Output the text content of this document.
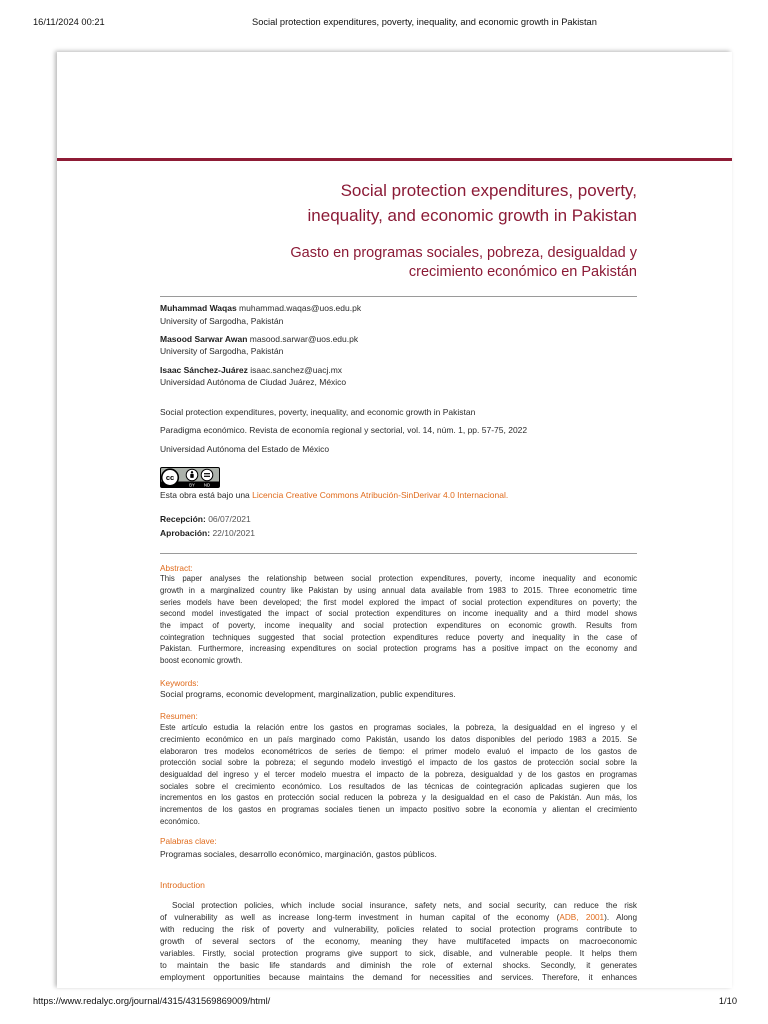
16/11/2024 00:21	Social protection expenditures, poverty, inequality, and economic growth in Pakistan
Social protection expenditures, poverty,
inequality, and economic growth in Pakistan
Gasto en programas sociales, pobreza, desigualdad y
crecimiento económico en Pakistán
Muhammad Waqas muhammad.waqas@uos.edu.pk
University of Sargodha, Pakistán
Masood Sarwar Awan masood.sarwar@uos.edu.pk
University of Sargodha, Pakistán
Isaac Sánchez-Juárez isaac.sanchez@uacj.mx
Universidad Autónoma de Ciudad Juárez, México
Social protection expenditures, poverty, inequality, and economic growth in Pakistan
Paradigma económico. Revista de economía regional y sectorial, vol. 14, núm. 1, pp. 57-75, 2022
Universidad Autónoma del Estado de México
cc
BY ND
Esta obra está bajo una Licencia Creative Commons Atribución-SinDerivar 4.0 Internacional.
Recepción: 06/07/2021
Aprobación: 22/10/2021
Abstract:
This paper analyses the relationship between social protection expenditures, poverty, income inequality and economic
growth in a marginalized country like Pakistan by using annual data available from 1983 to 2015. Three econometric time
series models have been developed; the first model explored the impact of social protection expenditures on poverty; the
second model investigated the impact of social protection expenditures on income inequality and a third model shows
the impact of poverty, income inequality and social protection expenditures on economic growth. Results from
cointegration techniques suggested that social protection expenditures reduce poverty and inequality in the case of
Pakistan. Furthermore, increasing expenditures on social protection programs has a positive impact on the economy and
boost economic growth.
Keywords:
Social programs, economic development, marginalization, public expenditures.
Resumen:
Este artículo estudia la relación entre los gastos en programas sociales, la pobreza, la desigualdad en el ingreso y el
crecimiento económico en un país marginado como Pakistán, usando los datos disponibles del periodo 1983 a 2015. Se
elaboraron tres modelos econométricos de series de tiempo: el primer modelo evaluó el impacto de los gastos de
protección social sobre la pobreza; el segundo modelo investigó el impacto de los gastos de protección social sobre la
desigualdad del ingreso y el tercer modelo muestra el impacto de la pobreza, desigualdad y de los gastos en programas
sociales sobre el crecimiento económico. Los resultados de las técnicas de cointegración aplicadas sugieren que los
incrementos en los gastos en protección social reducen la pobreza y la desigualdad en el caso de Pakistán. Aun más, los
incrementos de los gastos en programas sociales tienen un impacto positivo sobre la economía y alientan el crecimiento
económico.
Palabras clave:
Programas sociales, desarrollo económico, marginación, gastos públicos.
Introduction
Social protection policies, which include social insurance, safety nets, and social security, can reduce the risk
of vulnerability as well as increase long-term investment in human capital of the economy (ADB, 2001). Along
with reducing the risk of poverty and vulnerability, policies related to social protection programs contribute to
growth of several sectors of the economy, meaning they have multifaceted impacts on macroeconomic
variables. Firstly, social protection programs give support to sick, disable, and vulnerable people. It helps them
to maintain the basic life standards and diminish the role of external shocks. Secondly, it generates
employment opportunities because maintains the demand for necessities and services. Therefore, it enhances
https://www.redalyc.org/journal/4315/431569869009/html/	1/10
